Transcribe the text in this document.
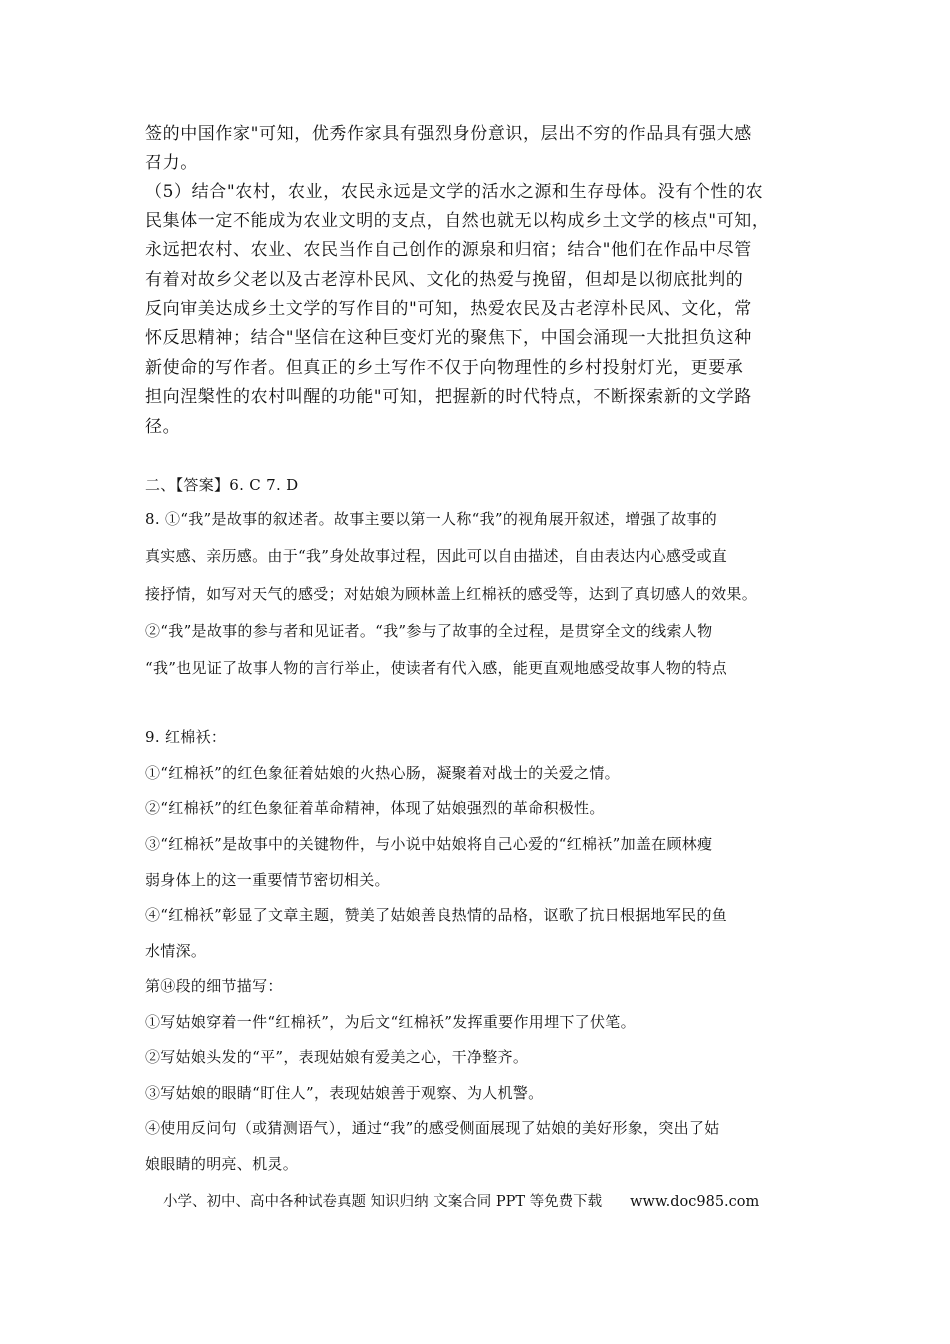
签的中国作家"可知，优秀作家具有强烈身份意识，层出不穷的作品具有强大感

召力。

（5）结合"农村，农业，农民永远是文学的活水之源和生存母体。没有个性的农

民集体一定不能成为农业文明的支点，自然也就无以构成乡土文学的核点"可知，

永远把农村、农业、农民当作自己创作的源泉和归宿；结合"他们在作品中尽管

有着对故乡父老以及古老淳朴民风、文化的热爱与挽留，但却是以彻底批判的

反向审美达成乡土文学的写作目的"可知，热爱农民及古老淳朴民风、文化，常

怀反思精神；结合"坚信在这种巨变灯光的聚焦下，中国会涌现一大批担负这种

新使命的写作者。但真正的乡土写作不仅于向物理性的乡村投射灯光，更要承

担向涅槃性的农村叫醒的功能"可知，把握新的时代特点，不断探索新的文学路

径。

二、【答案】6. C 7. D

8. ①“我”是故事的叙述者。故事主要以第一人称“我”的视角展开叙述，增强了故事的

真实感、亲历感。由于“我”身处故事过程，因此可以自由描述，自由表达内心感受或直

接抒情，如写对天气的感受；对姑娘为顾林盖上红棉袄的感受等，达到了真切感人的效果。

②“我”是故事的参与者和见证者。“我”参与了故事的全过程，是贯穿全文的线索人物

“我”也见证了故事人物的言行举止，使读者有代入感，能更直观地感受故事人物的特点

9. 红棉袄：

①“红棉袄”的红色象征着姑娘的火热心肠，凝聚着对战士的关爱之情。

②“红棉袄”的红色象征着革命精神，体现了姑娘强烈的革命积极性。

③“红棉袄”是故事中的关键物件，与小说中姑娘将自己心爱的“红棉袄”加盖在顾林瘦

弱身体上的这一重要情节密切相关。

④“红棉袄”彰显了文章主题，赞美了姑娘善良热情的品格，讴歌了抗日根据地军民的鱼

水情深。

第⑭段的细节描写：

①写姑娘穿着一件“红棉袄”，为后文“红棉袄”发挥重要作用埋下了伏笔。

②写姑娘头发的“平”，表现姑娘有爱美之心，干净整齐。

③写姑娘的眼睛“盯住人”，表现姑娘善于观察、为人机警。

④使用反问句（或猜测语气），通过“我”的感受侧面展现了姑娘的美好形象，突出了姑

娘眼睛的明亮、机灵。

小学、初中、高中各种试卷真题 知识归纳 文案合同 PPT 等免费下载 www.doc985.com
